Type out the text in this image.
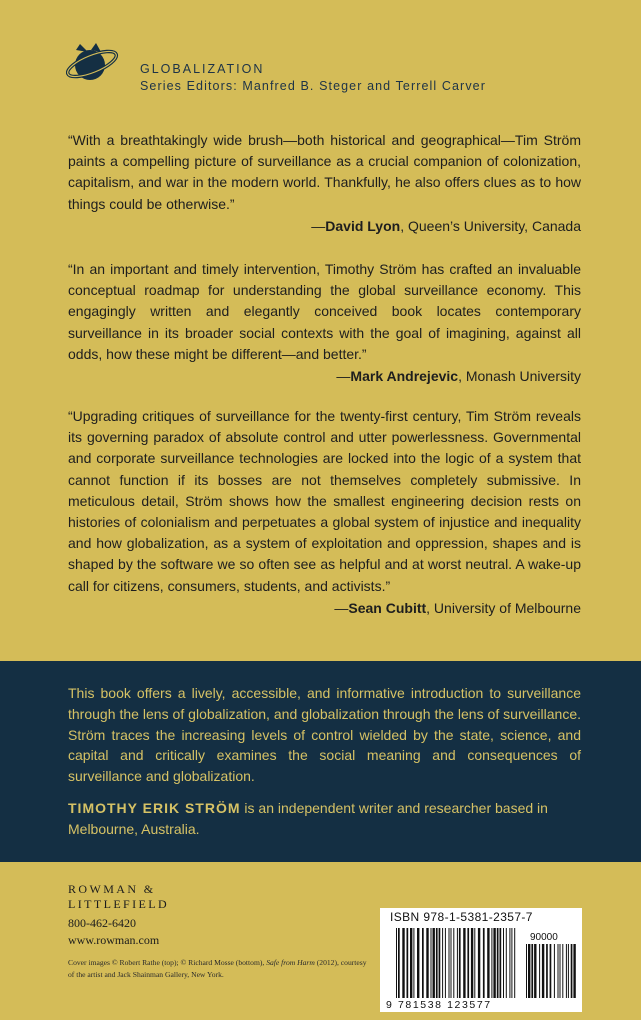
GLOBALIZATION
Series Editors: Manfred B. Steger and Terrell Carver
“With a breathtakingly wide brush—both historical and geographical—Tim Ström paints a compelling picture of surveillance as a crucial companion of colonization, capitalism, and war in the modern world. Thankfully, he also offers clues as to how things could be otherwise.”
—David Lyon, Queen’s University, Canada
“In an important and timely intervention, Timothy Ström has crafted an invaluable conceptual roadmap for understanding the global surveillance economy. This engagingly written and elegantly conceived book locates contemporary surveillance in its broader social contexts with the goal of imagining, against all odds, how these might be different—and better.”
—Mark Andrejevic, Monash University
“Upgrading critiques of surveillance for the twenty-first century, Tim Ström reveals its governing paradox of absolute control and utter powerlessness. Governmental and corporate surveillance technologies are locked into the logic of a system that cannot function if its bosses are not themselves completely submissive. In meticulous detail, Ström shows how the smallest engineering decision rests on histories of colonialism and perpetuates a global system of injustice and inequality and how globalization, as a system of exploitation and oppression, shapes and is shaped by the software we so often see as helpful and at worst neutral. A wake-up call for citizens, consumers, students, and activists.”
—Sean Cubitt, University of Melbourne
This book offers a lively, accessible, and informative introduction to surveillance through the lens of globalization, and globalization through the lens of surveillance. Ström traces the increasing levels of control wielded by the state, science, and capital and critically examines the social meaning and consequences of surveillance and globalization.
TIMOTHY ERIK STRÖM is an independent writer and researcher based in Melbourne, Australia.
ROWMAN &
LITTLEFIELD
800-462-6420
www.rowman.com
Cover images © Robert Rathe (top); © Richard Mosse (bottom), Safe from Harm (2012), courtesy of the artist and Jack Shainman Gallery, New York.
90000
9 781538 123577
ISBN 978-1-5381-2357-7
